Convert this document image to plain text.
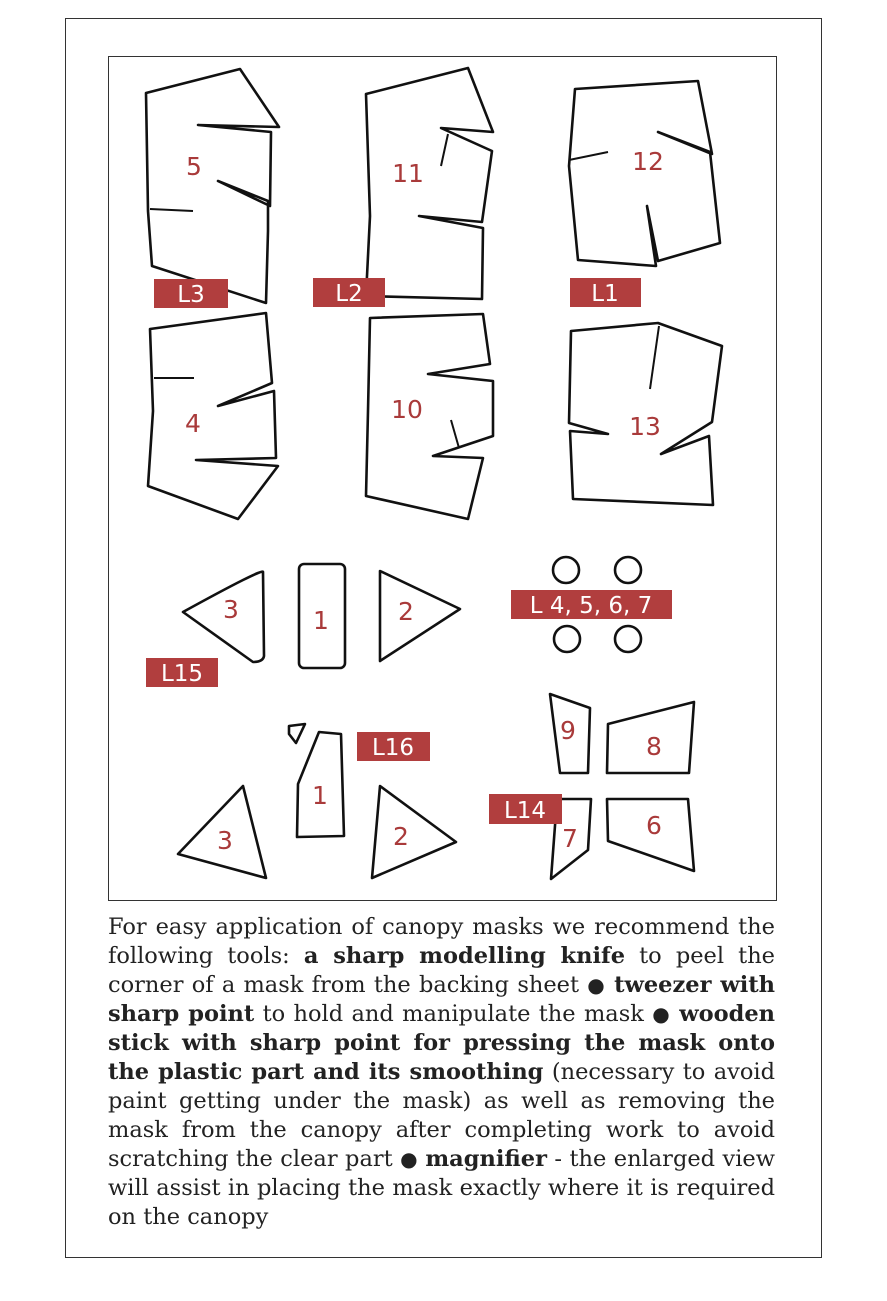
5	11	12
4	10
13
L3	L2	L1
3	1	2
L15
L 4, 5, 6, 7
1
3	2
L16
9
8
7	6
L14

For easy application of canopy masks we recommend the following tools: a sharp modelling knife to peel the corner of a mask from the backing sheet ● tweezer with sharp point to hold and manipulate the mask ● wooden stick with sharp point for pressing the mask onto the plastic part and its smoothing (necessary to avoid paint getting under the mask) as well as removing the mask from the canopy after completing work to avoid scratching the clear part ● magnifier - the enlarged view will assist in placing the mask exactly where it is required on the canopy
